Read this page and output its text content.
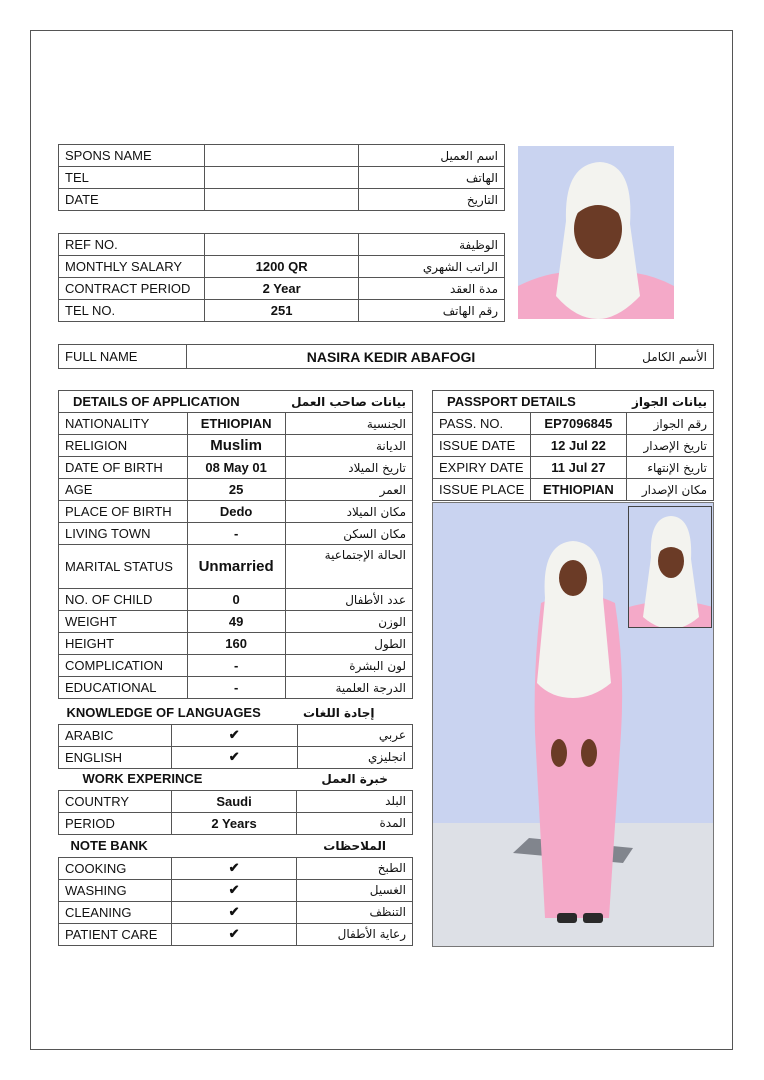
SPONS NAME		اسم العميل
TEL		الهاتف
DATE		التاريخ
REF NO.		الوظيفة
MONTHLY SALARY	1200 QR	الراتب الشهري
CONTRACT PERIOD	2 Year	مدة العقد
TEL NO.	251	رقم الهاتف
FULL NAME	NASIRA KEDIR ABAFOGI	الأسم الكامل
DETAILS OF APPLICATION		بيانات صاحب العمل
NATIONALITY	ETHIOPIAN	الجنسية
RELIGION	Muslim	الديانة
DATE OF BIRTH	08 May 01	تاريخ الميلاد
AGE	25	العمر
PLACE OF BIRTH	Dedo	مكان الميلاد
LIVING TOWN	-	مكان السكن
MARITAL STATUS	Unmarried	الحالة الإجتماعية
NO. OF CHILD	0	عدد الأطفال
WEIGHT	49	الوزن
HEIGHT	160	الطول
COMPLICATION	-	لون البشرة
EDUCATIONAL	-	الدرجة العلمية
KNOWLEDGE OF LANGUAGES		إجادة اللغات
ARABIC	✔	عربي
ENGLISH	✔	انجليزي
WORK EXPERINCE		خبرة العمل
COUNTRY	Saudi	البلد
PERIOD	2 Years	المدة
NOTE BANK		الملاحظات
COOKING	✔	الطبخ
WASHING	✔	الغسيل
CLEANING	✔	التنظف
PATIENT CARE	✔	رعاية الأطفال
PASSPORT DETAILS		بيانات الجواز
PASS. NO.	EP7096845	رقم الجواز
ISSUE DATE	12 Jul 22	تاريخ الإصدار
EXPIRY DATE	11 Jul 27	تاريخ الإنتهاء
ISSUE PLACE	ETHIOPIAN	مكان الإصدار
